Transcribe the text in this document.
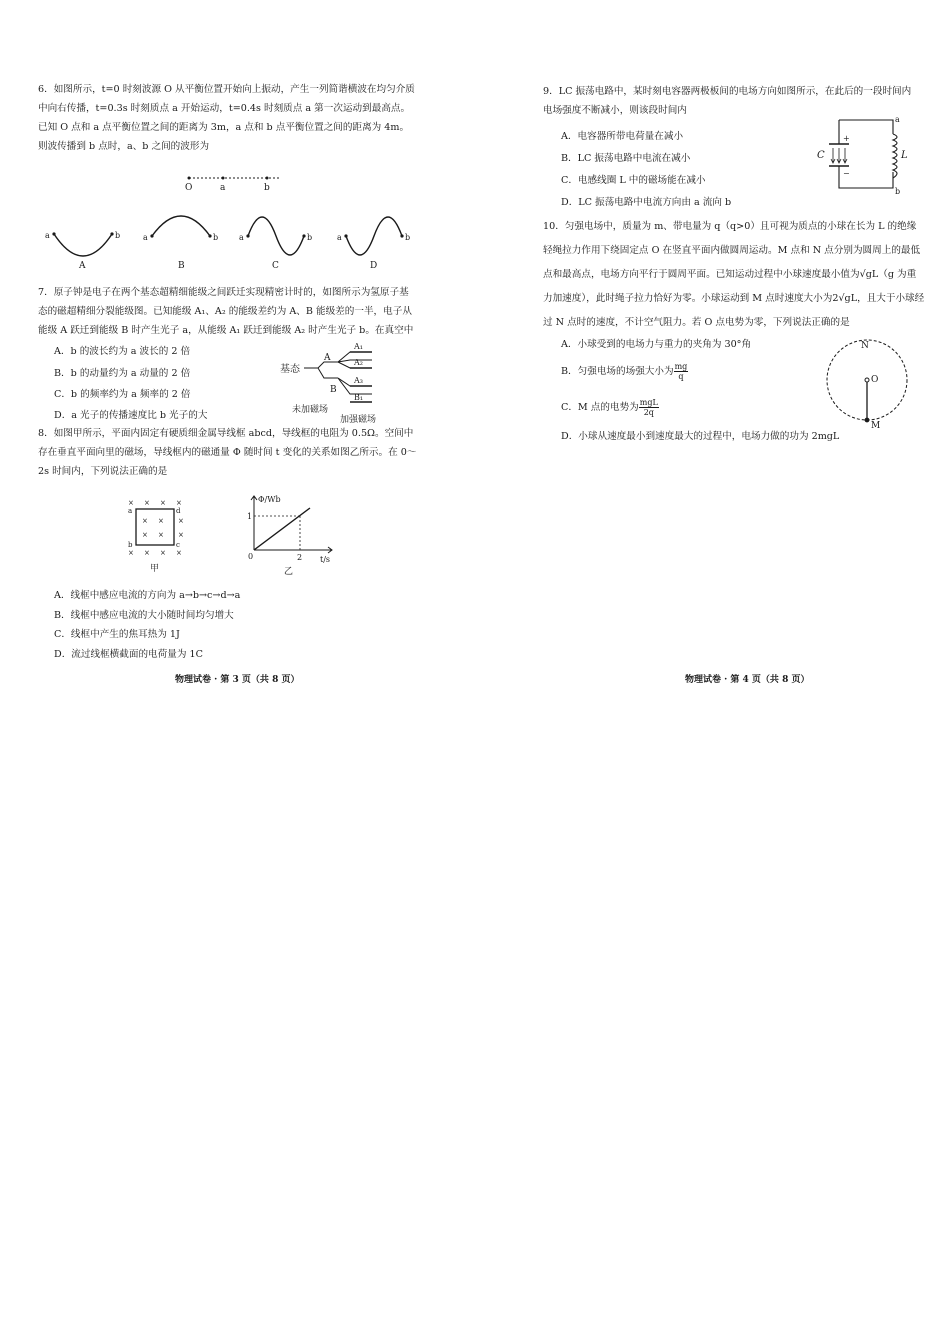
6．如图所示，t=0 时刻波源 O 从平衡位置开始向上振动，产生一列简谐横波在均匀介质中向右传播，t=0.3s 时刻质点 a 开始运动，t=0.4s 时刻质点 a 第一次运动到最高点。已知 O 点和 a 点平衡位置之间的距离为 3m，a 点和 b 点平衡位置之间的距离为 4m。则波传播到 b 点时，a、b 之间的波形为
O	a	b
a	b
A
a	b
B
a	b
C
a	b
D
7．原子钟是电子在两个基态超精细能级之间跃迁实现精密计时的，如图所示为氢原子基态的磁超精细分裂能级图。已知能级 A₁、A₂ 的能级差约为 A、B 能级差的一半，电子从能级 A 跃迁到能级 B 时产生光子 a，从能级 A₁ 跃迁到能级 A₂ 时产生光子 b。在真空中
A．b 的波长约为 a 波长的 2 倍
B．b 的动量约为 a 动量的 2 倍
C．b 的频率约为 a 频率的 2 倍
D．a 光子的传播速度比 b 光子的大
基态
A
B
A₁
A₂
A₃
B₁
未加磁场
加强磁场
8．如图甲所示，平面内固定有硬质细金属导线框 abcd，导线框的电阻为 0.5Ω。空间中存在垂直平面向里的磁场，导线框内的磁通量 Φ 随时间 t 变化的关系如图乙所示。在 0～2s 时间内，下列说法正确的是
× × × ×
× × ×
× × ×
× × × ×
a
b	c
d
甲
Φ/Wb
t/s
1
2
0
乙
A．线框中感应电流的方向为 a→b→c→d→a
B．线框中感应电流的大小随时间均匀增大
C．线框中产生的焦耳热为 1J
D．流过线框横截面的电荷量为 1C
物理试卷 · 第 3 页（共 8 页）
9．LC 振荡电路中，某时刻电容器两极板间的电场方向如图所示，在此后的一段时间内电场强度不断减小，则该段时间内
A．电容器所带电荷量在减小
B．LC 振荡电路中电流在减小
C．电感线圈 L 中的磁场能在减小
D．LC 振荡电路中电流方向由 a 流向 b
+
−
C	L
a
b
10．匀强电场中，质量为 m、带电量为 q（q>0）且可视为质点的小球在长为 L 的绝缘轻绳拉力作用下绕固定点 O 在竖直平面内做圆周运动。M 点和 N 点分别为圆周上的最低点和最高点，电场方向平行于圆周平面。已知运动过程中小球速度最小值为√gL（g 为重力加速度），此时绳子拉力恰好为零。小球运动到 M 点时速度大小为2√gL，且大于小球经过 N 点时的速度，不计空气阻力。若 O 点电势为零，下列说法正确的是
A．小球受到的电场力与重力的夹角为 30°角
B．匀强电场的场强大小为 $\frac{mg}{q}$
C．M 点的电势为 $\frac{\text{mgL}}{2q}$
D．小球从速度最小到速度最大的过程中，电场力做的功为 2mgL
N
O
M
物理试卷 · 第 4 页（共 8 页）
